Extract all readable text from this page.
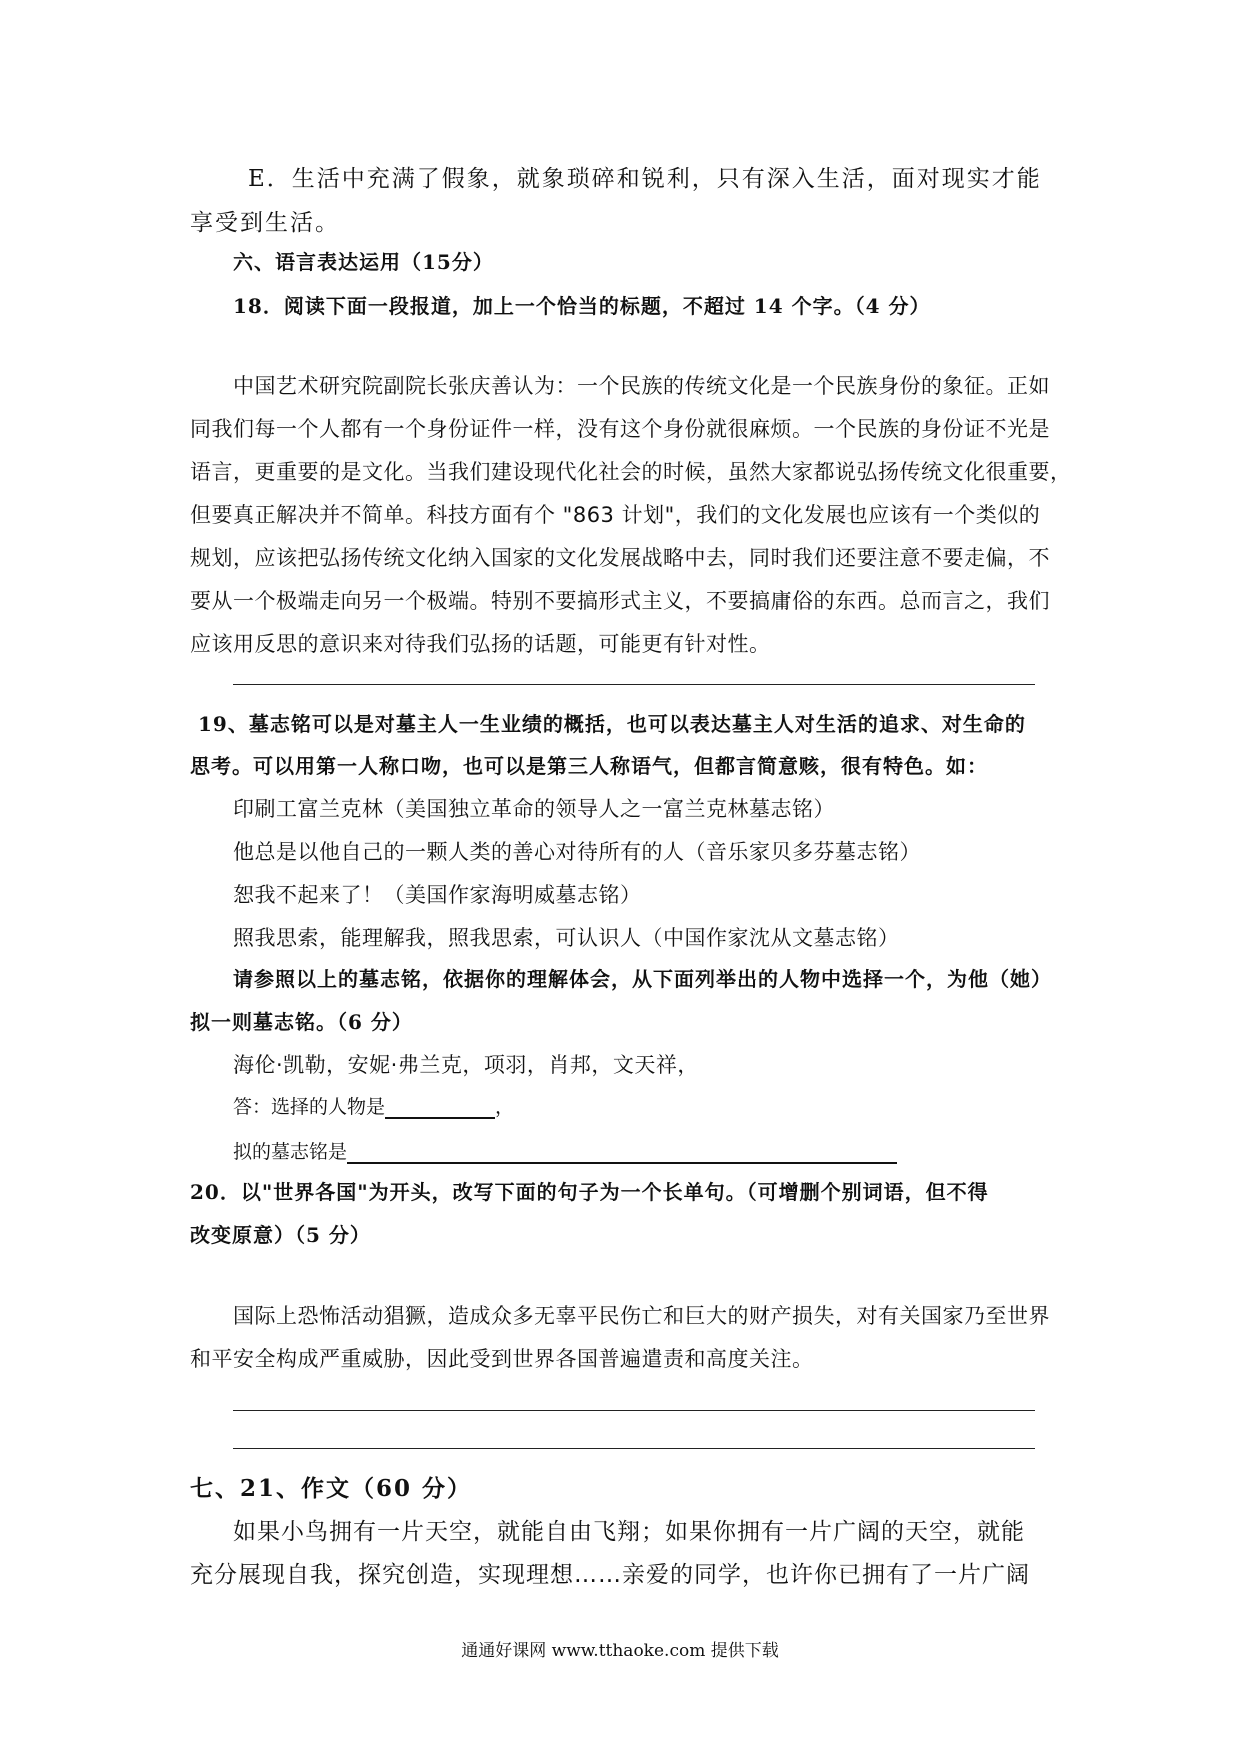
E．生活中充满了假象，就象琐碎和锐利，只有深入生活，面对现实才能
享受到生活。
六、语言表达运用（15分）
18．阅读下面一段报道，加上一个恰当的标题，不超过 14 个字。（4 分）
中国艺术研究院副院长张庆善认为：一个民族的传统文化是一个民族身份的象征。正如
同我们每一个人都有一个身份证件一样，没有这个身份就很麻烦。一个民族的身份证不光是
语言，更重要的是文化。当我们建设现代化社会的时候，虽然大家都说弘扬传统文化很重要，
但要真正解决并不简单。科技方面有个 "863 计划"，我们的文化发展也应该有一个类似的
规划，应该把弘扬传统文化纳入国家的文化发展战略中去，同时我们还要注意不要走偏，不
要从一个极端走向另一个极端。特别不要搞形式主义，不要搞庸俗的东西。总而言之，我们
应该用反思的意识来对待我们弘扬的话题，可能更有针对性。
19、墓志铭可以是对墓主人一生业绩的概括，也可以表达墓主人对生活的追求、对生命的
思考。可以用第一人称口吻，也可以是第三人称语气，但都言简意赅，很有特色。如：
印刷工富兰克林（美国独立革命的领导人之一富兰克林墓志铭）
他总是以他自己的一颗人类的善心对待所有的人（音乐家贝多芬墓志铭）
恕我不起来了！（美国作家海明威墓志铭）
照我思索，能理解我，照我思索，可认识人（中国作家沈从文墓志铭）
请参照以上的墓志铭，依据你的理解体会，从下面列举出的人物中选择一个，为他（她）
拟一则墓志铭。（6 分）
海伦·凯勒，安妮·弗兰克，项羽，肖邦，文天祥，
答：选择的人物是	，
拟的墓志铭是
20．以"世界各国"为开头，改写下面的句子为一个长单句。（可增删个别词语，但不得
改变原意）（5 分）
国际上恐怖活动猖獗，造成众多无辜平民伤亡和巨大的财产损失，对有关国家乃至世界
和平安全构成严重威胁，因此受到世界各国普遍遣责和高度关注。
七、21、作文（60 分）
如果小鸟拥有一片天空，就能自由飞翔；如果你拥有一片广阔的天空，就能
充分展现自我，探究创造，实现理想……亲爱的同学，也许你已拥有了一片广阔
通通好课网 www.tthaoke.com 提供下载
